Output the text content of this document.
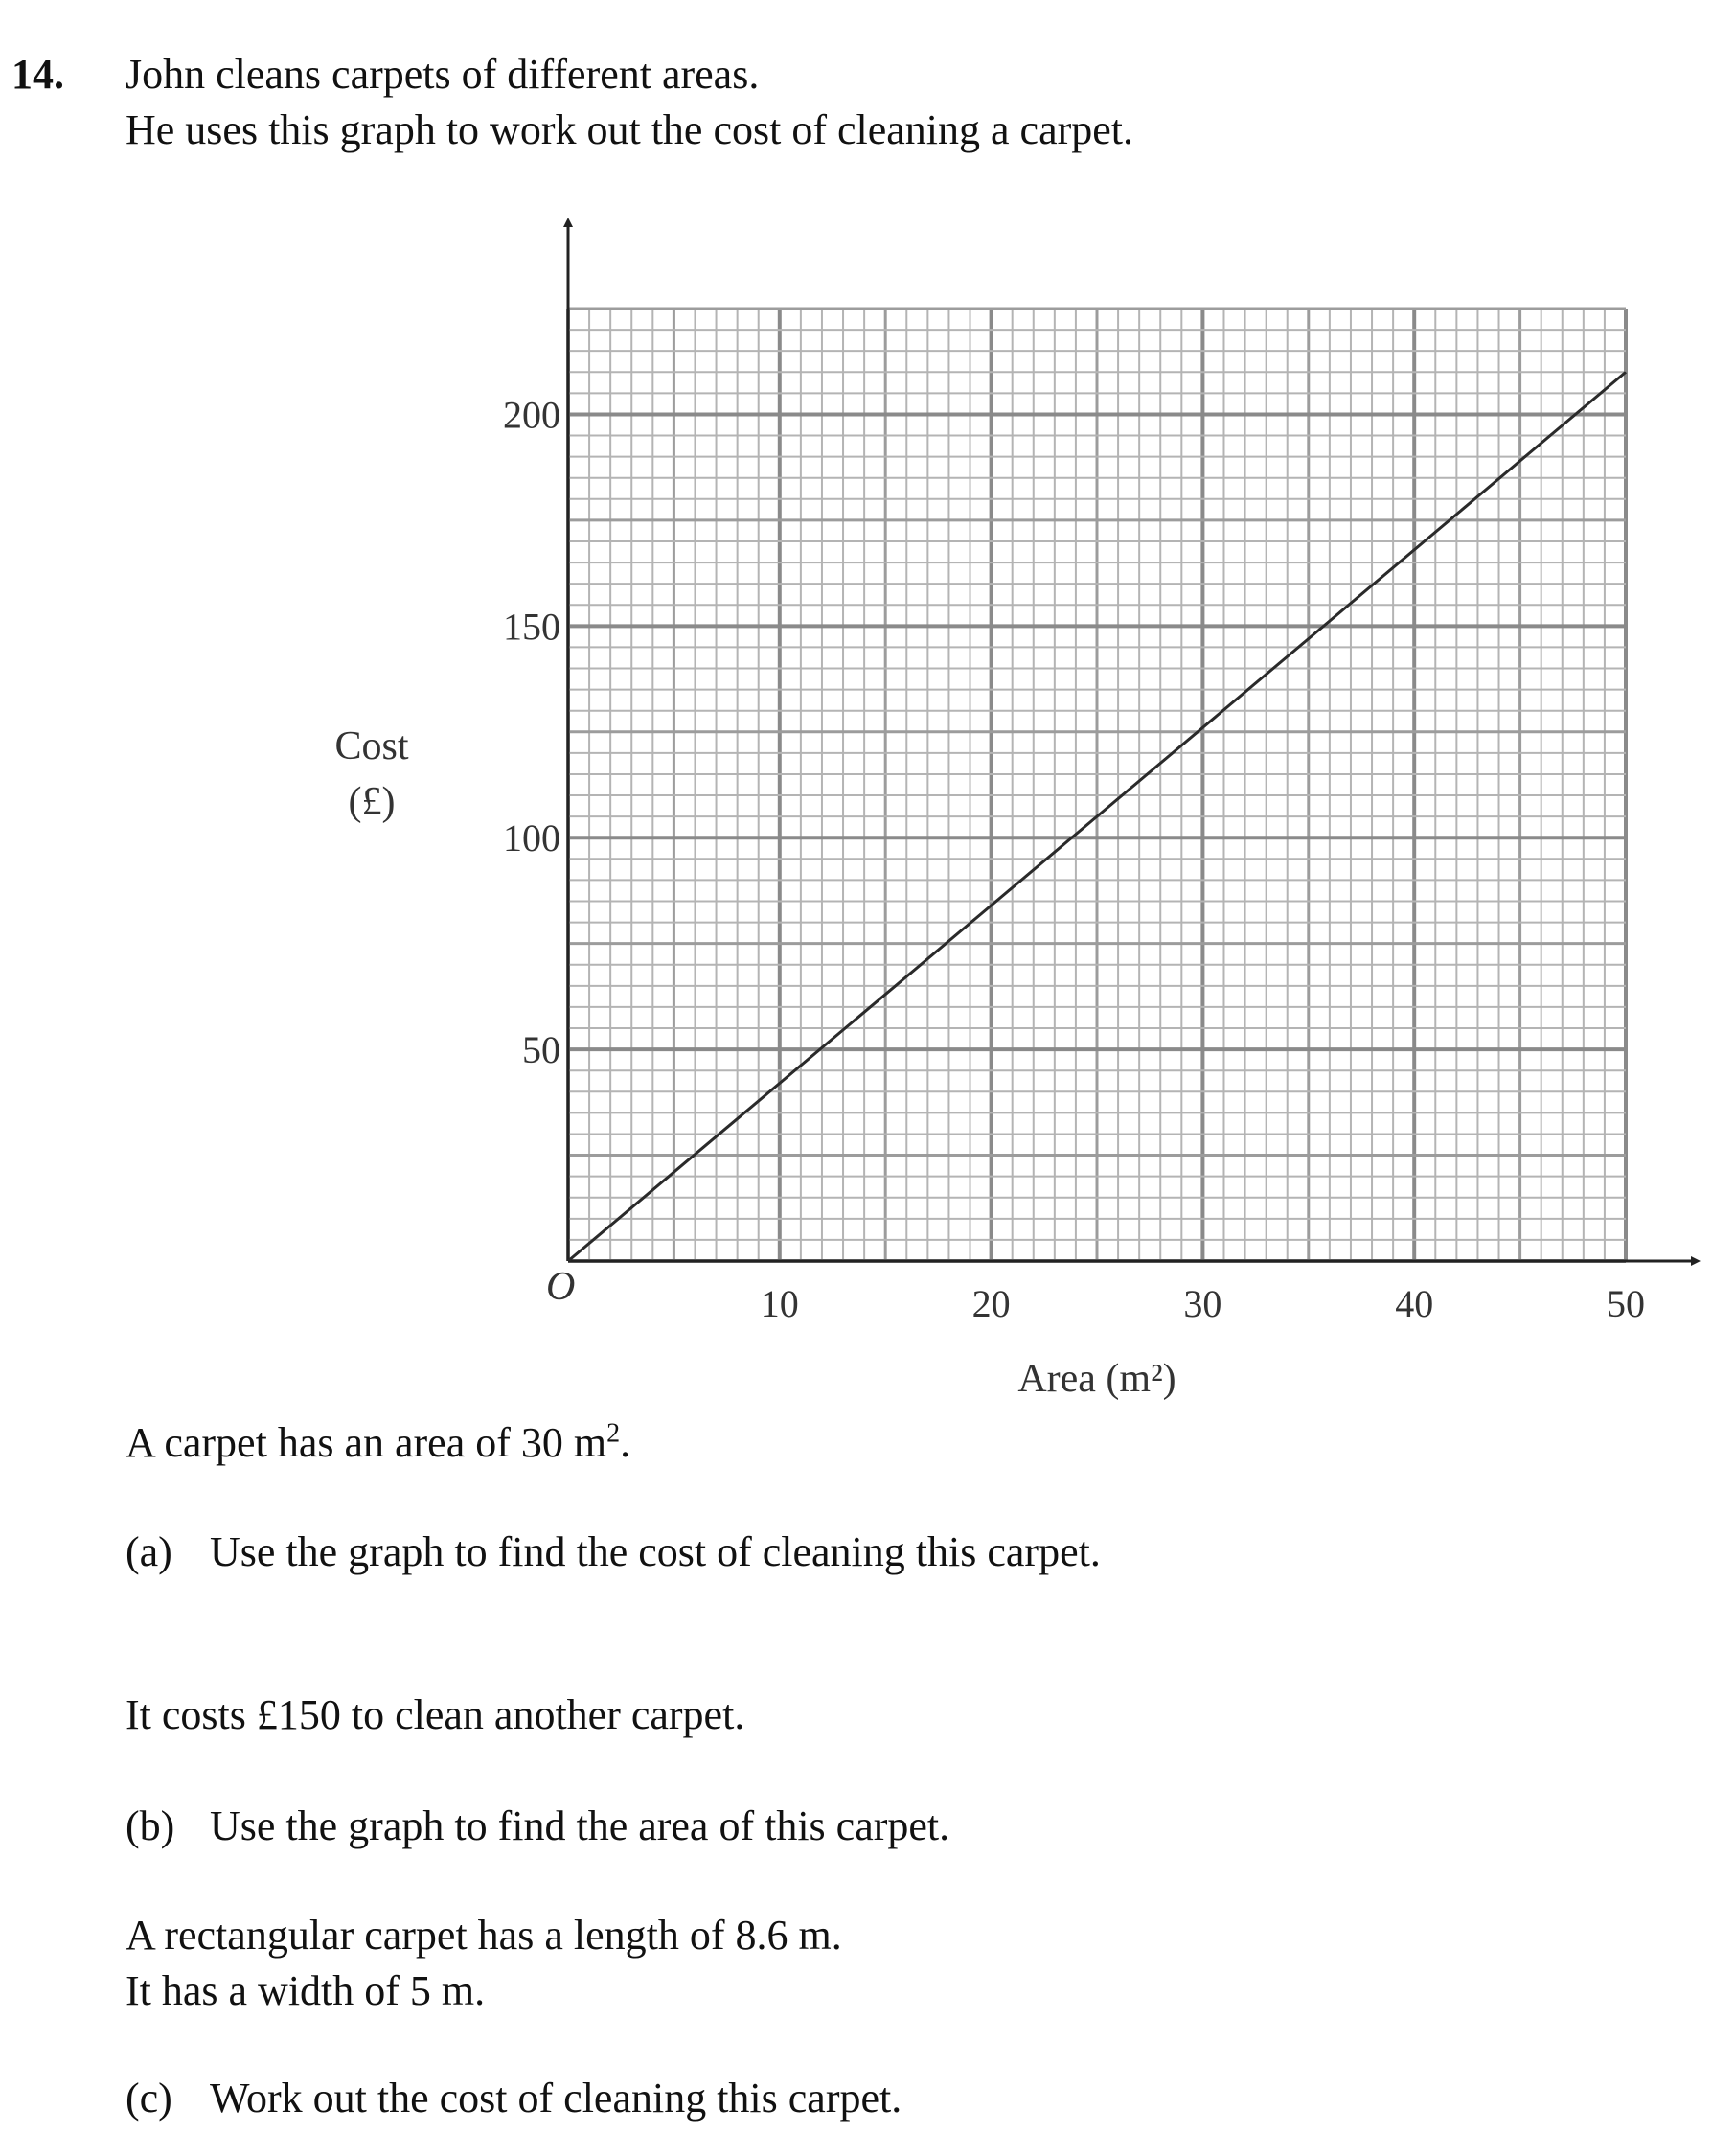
14. John cleans carpets of different areas.
He uses this graph to work out the cost of cleaning a carpet.
10	20	30	40	50
50
100
150
200
O
Cost
(£)
Area (m²)
A carpet has an area of 30 $m^2$.
(a) Use the graph to find the cost of cleaning this carpet.
It costs £150 to clean another carpet.
(b) Use the graph to find the area of this carpet.
A rectangular carpet has a length of 8.6 m.
It has a width of 5 m.
(c) Work out the cost of cleaning this carpet.
